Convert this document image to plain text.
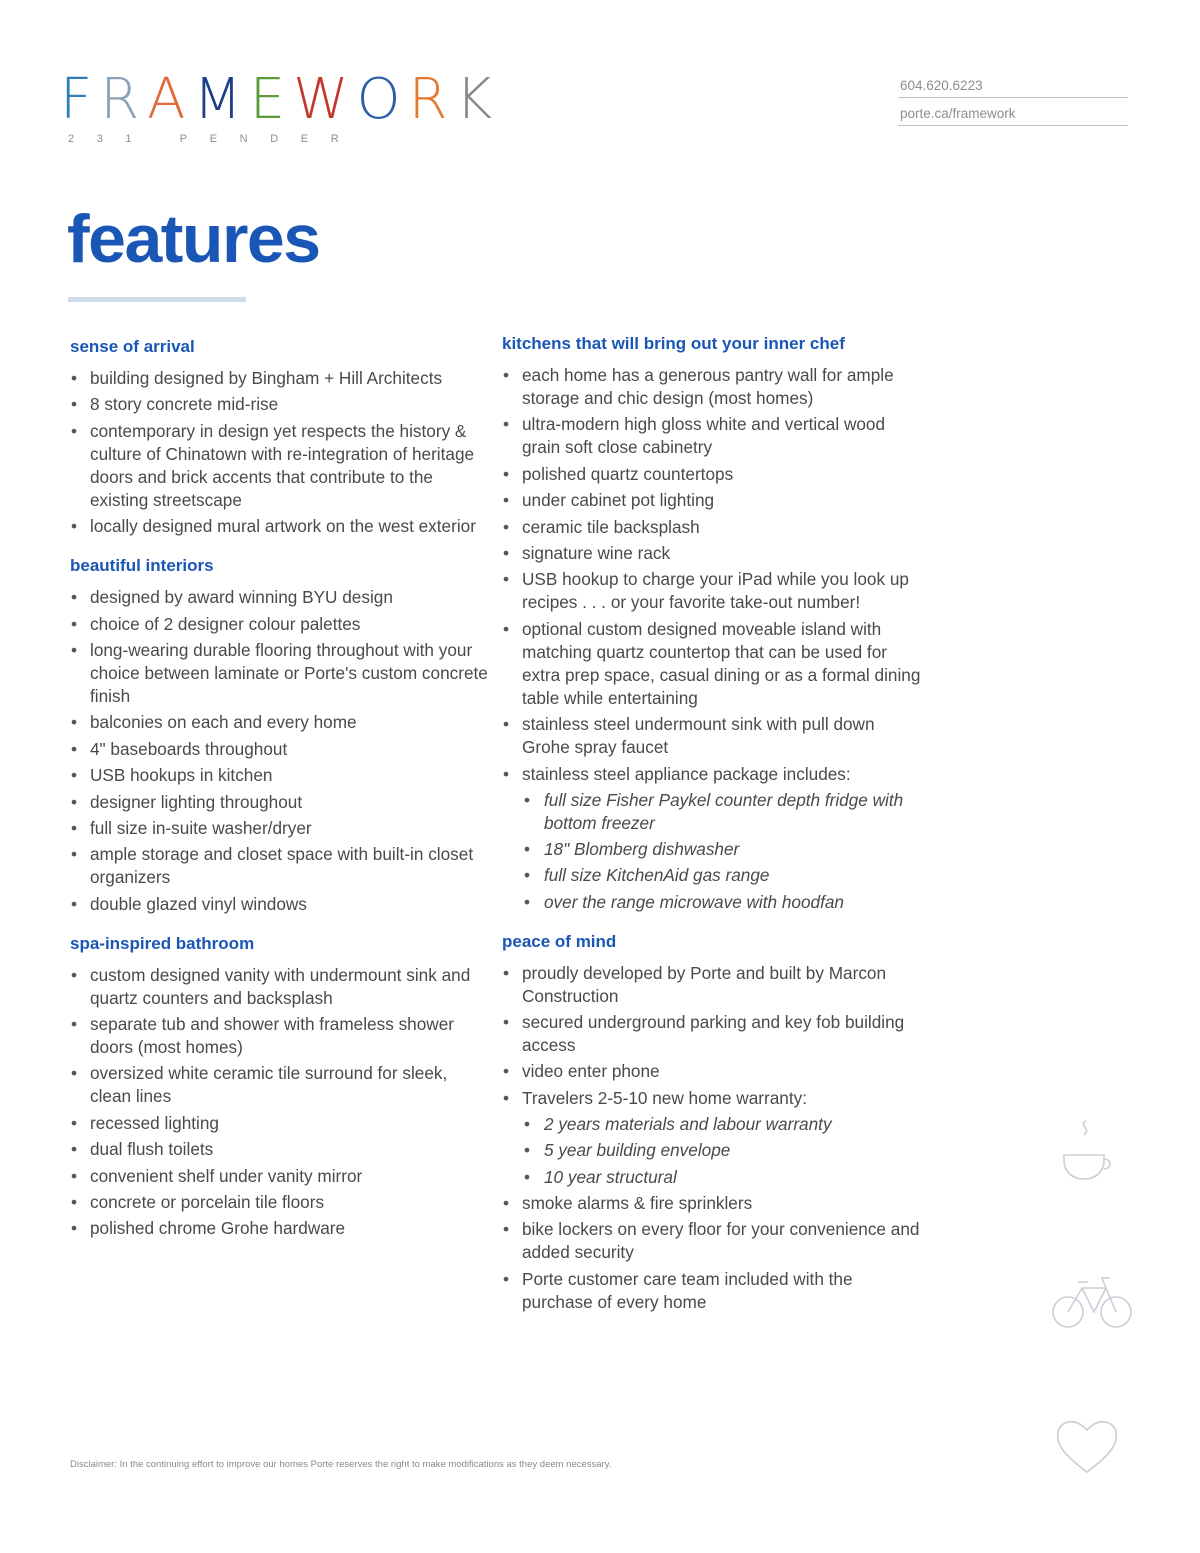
F R A M E W O R K
231 PENDER
604.620.6223
porte.ca/framework
features
sense of arrival
• building designed by Bingham + Hill Architects
• 8 story concrete mid-rise
• contemporary in design yet respects the history & culture of Chinatown with re-integration of heritage doors and brick accents that contribute to the existing streetscape
• locally designed mural artwork on the west exterior
beautiful interiors
• designed by award winning BYU design
• choice of 2 designer colour palettes
• long-wearing durable flooring throughout with your choice between laminate or Porte's custom concrete finish
• balconies on each and every home
• 4" baseboards throughout
• USB hookups in kitchen
• designer lighting throughout
• full size in-suite washer/dryer
• ample storage and closet space with built-in closet organizers
• double glazed vinyl windows
spa-inspired bathroom
• custom designed vanity with undermount sink and quartz counters and backsplash
• separate tub and shower with frameless shower doors (most homes)
• oversized white ceramic tile surround for sleek, clean lines
• recessed lighting
• dual flush toilets
• convenient shelf under vanity mirror
• concrete or porcelain tile floors
• polished chrome Grohe hardware
kitchens that will bring out your inner chef
• each home has a generous pantry wall for ample storage and chic design (most homes)
• ultra-modern high gloss white and vertical wood grain soft close cabinetry
• polished quartz countertops
• under cabinet pot lighting
• ceramic tile backsplash
• signature wine rack
• USB hookup to charge your iPad while you look up recipes . . . or your favorite take-out number!
• optional custom designed moveable island with matching quartz countertop that can be used for extra prep space, casual dining or as a formal dining table while entertaining
• stainless steel undermount sink with pull down Grohe spray faucet
• stainless steel appliance package includes:
• full size Fisher Paykel counter depth fridge with bottom freezer
• 18" Blomberg dishwasher
• full size KitchenAid gas range
• over the range microwave with hoodfan
peace of mind
• proudly developed by Porte and built by Marcon Construction
• secured underground parking and key fob building access
• video enter phone
• Travelers 2-5-10 new home warranty:
• 2 years materials and labour warranty
• 5 year building envelope
• 10 year structural
• smoke alarms & fire sprinklers
• bike lockers on every floor for your convenience and added security
• Porte customer care team included with the purchase of every home
Disclaimer: In the continuing effort to improve our homes Porte reserves the right to make modifications as they deem necessary.
